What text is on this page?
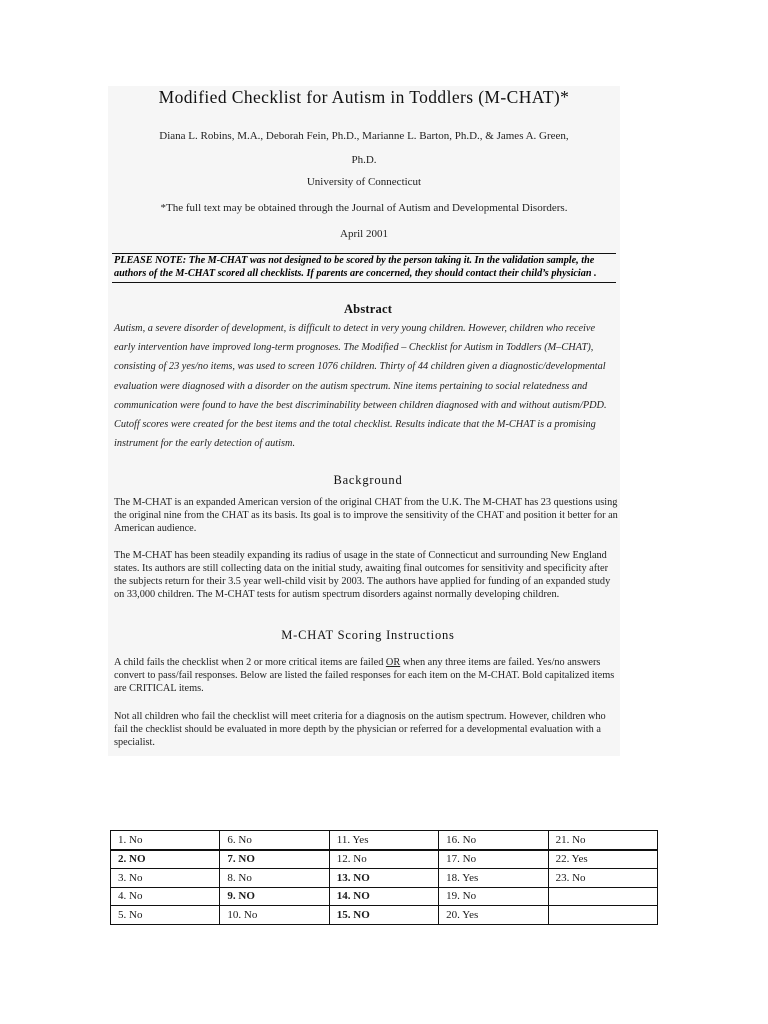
Modified Checklist for Autism in Toddlers (M-CHAT)*
Diana L. Robins, M.A., Deborah Fein, Ph.D., Marianne L. Barton, Ph.D., & James A. Green,
Ph.D.
University of Connecticut
*The full text may be obtained through the Journal of Autism and Developmental Disorders.
April 2001
PLEASE NOTE: The M-CHAT was not designed to be scored by the person taking it. In the validation sample, the authors of the M-CHAT scored all checklists. If parents are concerned, they should contact their child’s physician .
Abstract
Autism, a severe disorder of development, is difficult to detect in very young children. However, children who receive early intervention have improved long-term prognoses. The Modified – Checklist for Autism in Toddlers (M–CHAT), consisting of 23 yes/no items, was used to screen 1076 children. Thirty of 44 children given a diagnostic/developmental evaluation were diagnosed with a disorder on the autism spectrum. Nine items pertaining to social relatedness and communication were found to have the best discriminability between children diagnosed with and without autism/PDD. Cutoff scores were created for the best items and the total checklist. Results indicate that the M-CHAT is a promising instrument for the early detection of autism.
Background
The M-CHAT is an expanded American version of the original CHAT from the U.K. The M-CHAT has 23 questions using the original nine from the CHAT as its basis. Its goal is to improve the sensitivity of the CHAT and position it better for an American audience.
The M-CHAT has been steadily expanding its radius of usage in the state of Connecticut and surrounding New England states. Its authors are still collecting data on the initial study, awaiting final outcomes for sensitivity and specificity after the subjects return for their 3.5 year well-child visit by 2003. The authors have applied for funding of an expanded study on 33,000 children. The M-CHAT tests for autism spectrum disorders against normally developing children.
M-CHAT Scoring Instructions
A child fails the checklist when 2 or more critical items are failed OR when any three items are failed. Yes/no answers convert to pass/fail responses. Below are listed the failed responses for each item on the M-CHAT. Bold capitalized items are CRITICAL items.
Not all children who fail the checklist will meet criteria for a diagnosis on the autism spectrum. However, children who fail the checklist should be evaluated in more depth by the physician or referred for a developmental evaluation with a specialist.
1. No	6. No	11. Yes	16. No	21. No
2. NO	7. NO	12. No	17. No	22. Yes
3. No	8. No	13. NO	18. Yes	23. No
4. No	9. NO	14. NO	19. No	
5. No	10. No	15. NO	20. Yes	
